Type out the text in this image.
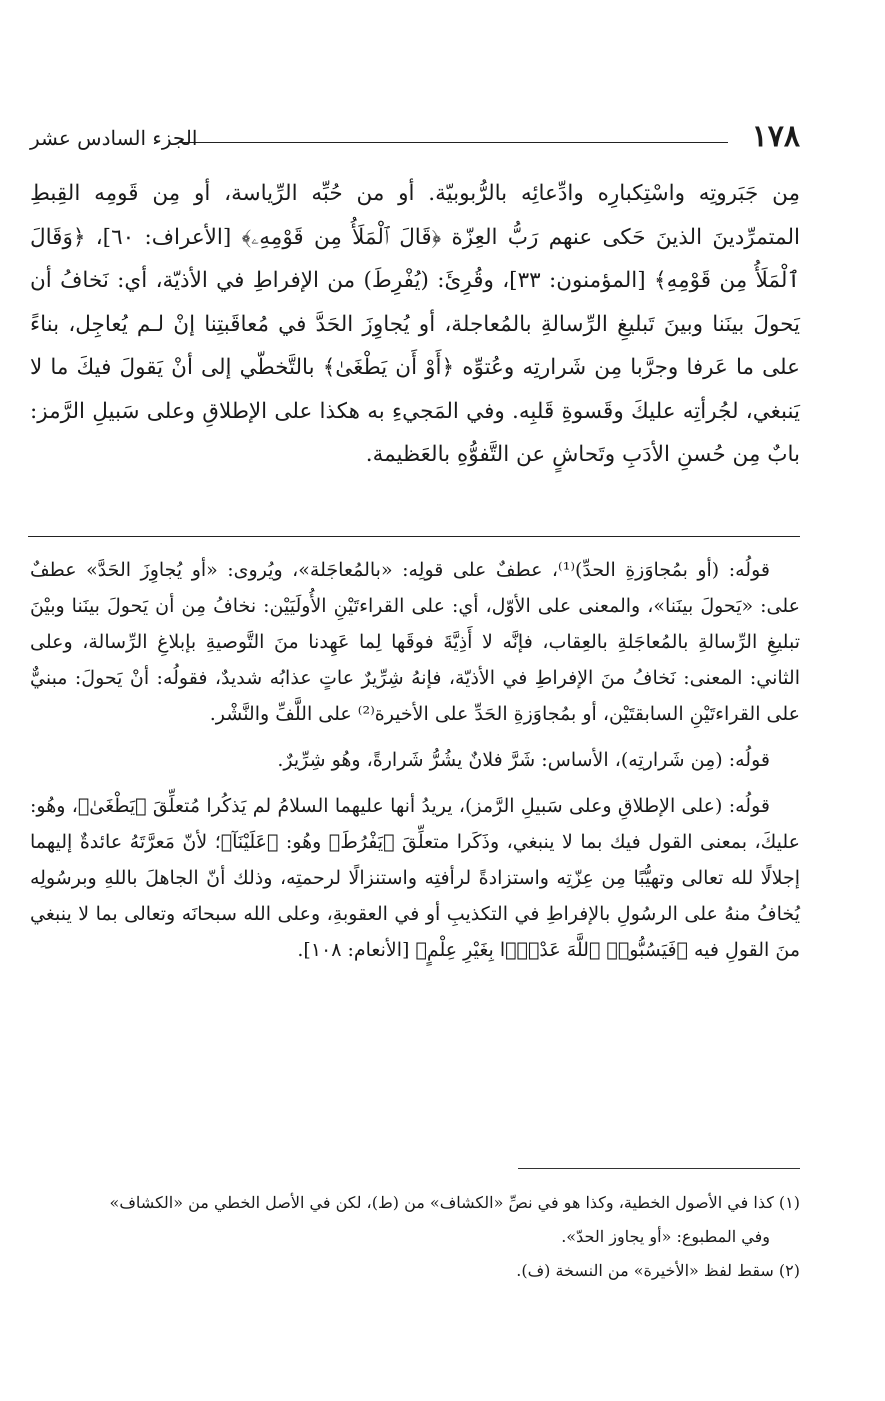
١٧٨
الجزء السادس عشر

مِن جَبَروتِه واسْتِكبارِه وادِّعائِه بالرُّبوبيّة. أو من حُبِّه الرِّياسة، أو مِن قَومِه القِبطِ المتمرِّدينَ الذينَ حَكى عنهم رَبُّ العِزّة ﴿قَالَ ٱلْمَلَأُ مِن قَوْمِهِۦ﴾ [الأعراف: ٦٠]، ﴿وَقَالَ ٱلْمَلَأُ مِن قَوْمِهِ﴾ [المؤمنون: ٣٣]، وقُرِئَ: (يُفْرِطَ) من الإفراطِ في الأذيّة، أي: نَخافُ أن يَحولَ بينَنا وبينَ تَبليغِ الرِّسالةِ بالمُعاجلة، أو يُجاوِزَ الحَدَّ في مُعاقَبتِنا إنْ لـم يُعاجِل، بناءً على ما عَرفا وجرَّبا مِن شَرارتِه وعُتوِّه ﴿أَوْ أَن يَطْغَىٰ﴾ بالتَّخطّي إلى أنْ يَقولَ فيكَ ما لا يَنبغي، لجُرأتِه عليكَ وقَسوةِ قَلبِه. وفي المَجيءِ به هكذا على الإطلاقِ وعلى سَبيلِ الرَّمز: بابٌ مِن حُسنِ الأدَبِ وتَحاشٍ عن التَّفوُّهِ بالعَظيمة.

قولُه: (أو بمُجاوَزةِ الحدِّ)⁽¹⁾، عطفٌ على قولِه: «بالمُعاجَلة»، ويُروى: «أو يُجاوِزَ الحَدَّ» عطفٌ على: «يَحولَ بينَنا»، والمعنى على الأوّل، أي: على القراءتَيْنِ الأُولَيَيْن: نخافُ مِن أن يَحولَ بينَنا وبيْنَ تبليغِ الرِّسالةِ بالمُعاجَلةِ بالعِقاب، فإنَّه لا أَذِيَّةَ فوقَها لِما عَهِدنا منَ التَّوصيةِ بإبلاغِ الرِّسالة، وعلى الثاني: المعنى: نَخافُ منَ الإفراطِ في الأذيّة، فإنهُ شِرِّيرٌ عاتٍ عذابُه شديدٌ، فقولُه: أنْ يَحولَ: مبنيٌّ على القراءتَيْنِ السابقتَيْن، أو بمُجاوَزةِ الحَدِّ على الأخيرة⁽²⁾ على اللَّفِّ والنَّشْر.

قولُه: (مِن شَرارتِه)، الأساس: شَرَّ فلانٌ يشُرُّ شَرارةً، وهُو شِرِّيرٌ.

قولُه: (على الإطلاقِ وعلى سَبيلِ الرَّمز)، يريدُ أنها عليهما السلامُ لم يَذكُرا مُتعلِّقَ ﴿يَطْغَىٰ﴾، وهُو: عليكَ، بمعنى القول فيك بما لا ينبغي، وذَكَرا متعلِّقَ ﴿يَفْرُطَ﴾ وهُو: ﴿عَلَيْنَآ﴾؛ لأنّ مَعرَّتَهُ عائدةٌ إليهما إجلالًا لله تعالى وتهيُّبًا مِن عِزّتِه واستزادةً لرأفتِه واستنزالًا لرحمتِه، وذلك أنّ الجاهلَ باللهِ وبرسُولِه يُخافُ منهُ على الرسُولِ بالإفراطِ في التكذيبِ أو في العقوبةِ، وعلى الله سبحانَه وتعالى بما لا ينبغي منَ القولِ فيه ﴿فَيَسُبُّوا۟ ٱللَّهَ عَدْوًۢا بِغَيْرِ عِلْمٍ﴾ [الأنعام: ١٠٨].

(١) كذا في الأصول الخطية، وكذا هو في نصِّ «الكشاف» من (ط)، لكن في الأصل الخطي من «الكشاف»

وفي المطبوع: «أو يجاوز الحدّ».

(٢) سقط لفظ «الأخيرة» من النسخة (ف).
